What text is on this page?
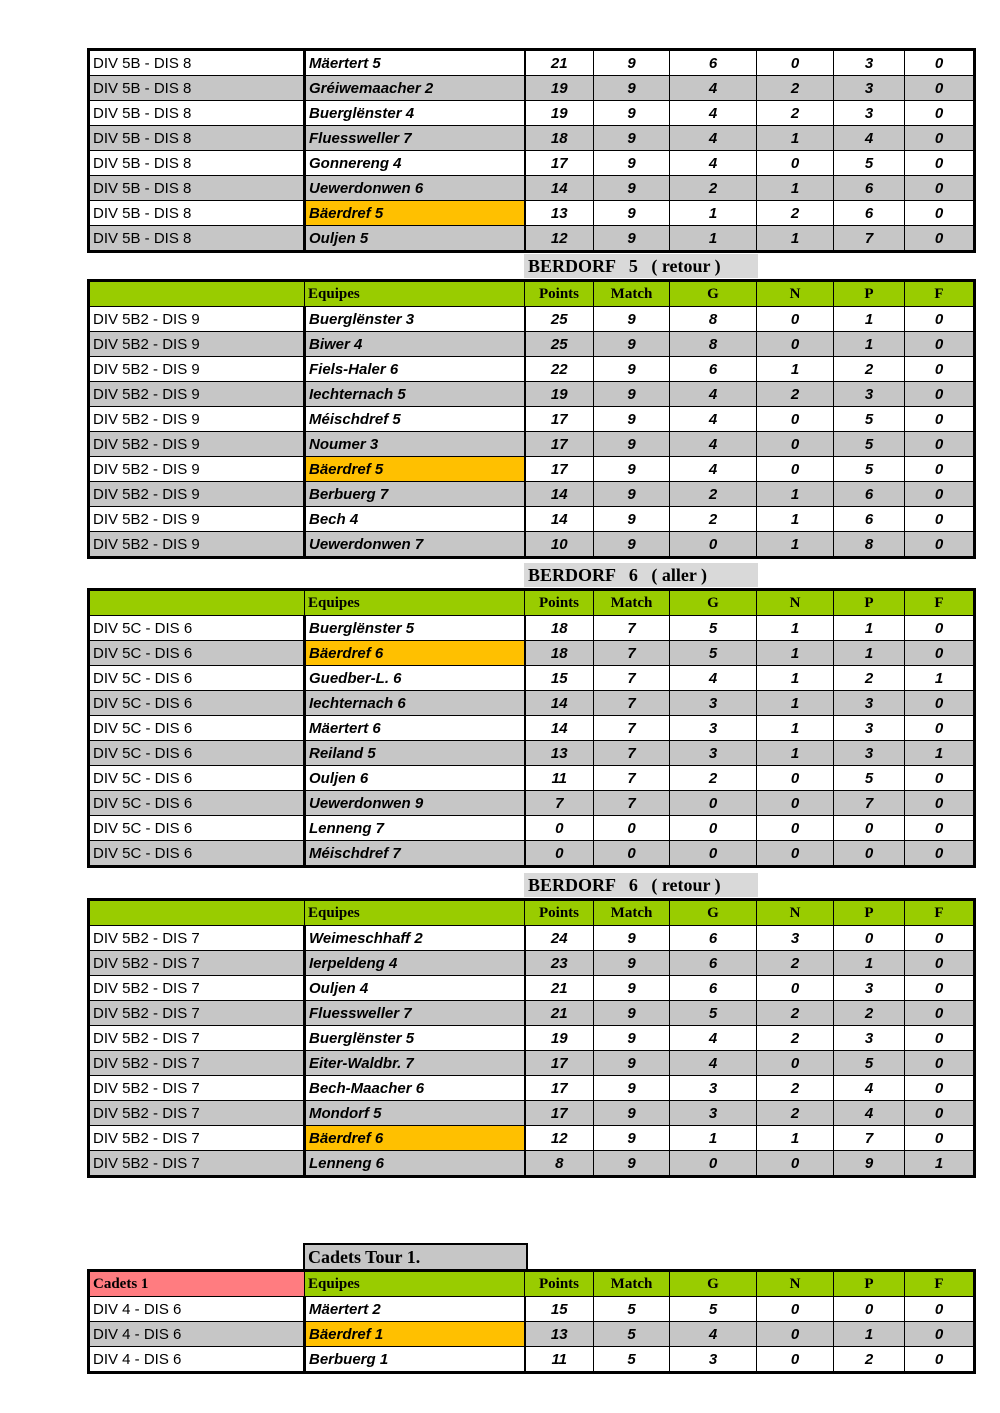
DIV 5B - DIS 8	Mäertert 5	21	9	6	0	3	0
DIV 5B - DIS 8	Gréiwemaacher 2	19	9	4	2	3	0
DIV 5B - DIS 8	Buerglënster 4	19	9	4	2	3	0
DIV 5B - DIS 8	Fluessweller 7	18	9	4	1	4	0
DIV 5B - DIS 8	Gonnereng 4	17	9	4	0	5	0
DIV 5B - DIS 8	Uewerdonwen 6	14	9	2	1	6	0
DIV 5B - DIS 8	Bäerdref 5	13	9	1	2	6	0
DIV 5B - DIS 8	Ouljen 5	12	9	1	1	7	0
BERDORF   5   ( retour )
	Equipes	Points	Match	G	N	P	F
DIV 5B2 - DIS 9	Buerglënster 3	25	9	8	0	1	0
DIV 5B2 - DIS 9	Biwer 4	25	9	8	0	1	0
DIV 5B2 - DIS 9	Fiels-Haler 6	22	9	6	1	2	0
DIV 5B2 - DIS 9	Iechternach 5	19	9	4	2	3	0
DIV 5B2 - DIS 9	Méischdref 5	17	9	4	0	5	0
DIV 5B2 - DIS 9	Noumer 3	17	9	4	0	5	0
DIV 5B2 - DIS 9	Bäerdref 5	17	9	4	0	5	0
DIV 5B2 - DIS 9	Berbuerg 7	14	9	2	1	6	0
DIV 5B2 - DIS 9	Bech 4	14	9	2	1	6	0
DIV 5B2 - DIS 9	Uewerdonwen 7	10	9	0	1	8	0
BERDORF   6   ( aller )
	Equipes	Points	Match	G	N	P	F
DIV 5C - DIS 6	Buerglënster 5	18	7	5	1	1	0
DIV 5C - DIS 6	Bäerdref 6	18	7	5	1	1	0
DIV 5C - DIS 6	Guedber-L. 6	15	7	4	1	2	1
DIV 5C - DIS 6	Iechternach 6	14	7	3	1	3	0
DIV 5C - DIS 6	Mäertert 6	14	7	3	1	3	0
DIV 5C - DIS 6	Reiland 5	13	7	3	1	3	1
DIV 5C - DIS 6	Ouljen 6	11	7	2	0	5	0
DIV 5C - DIS 6	Uewerdonwen 9	7	7	0	0	7	0
DIV 5C - DIS 6	Lenneng 7	0	0	0	0	0	0
DIV 5C - DIS 6	Méischdref 7	0	0	0	0	0	0
BERDORF   6   ( retour )
	Equipes	Points	Match	G	N	P	F
DIV 5B2 - DIS 7	Weimeschhaff 2	24	9	6	3	0	0
DIV 5B2 - DIS 7	Ierpeldeng 4	23	9	6	2	1	0
DIV 5B2 - DIS 7	Ouljen 4	21	9	6	0	3	0
DIV 5B2 - DIS 7	Fluessweller 7	21	9	5	2	2	0
DIV 5B2 - DIS 7	Buerglënster 5	19	9	4	2	3	0
DIV 5B2 - DIS 7	Eiter-Waldbr. 7	17	9	4	0	5	0
DIV 5B2 - DIS 7	Bech-Maacher 6	17	9	3	2	4	0
DIV 5B2 - DIS 7	Mondorf 5	17	9	3	2	4	0
DIV 5B2 - DIS 7	Bäerdref 6	12	9	1	1	7	0
DIV 5B2 - DIS 7	Lenneng 6	8	9	0	0	9	1
Cadets Tour 1.
Cadets 1	Equipes	Points	Match	G	N	P	F
DIV 4 - DIS 6	Mäertert 2	15	5	5	0	0	0
DIV 4 - DIS 6	Bäerdref 1	13	5	4	0	1	0
DIV 4 - DIS 6	Berbuerg 1	11	5	3	0	2	0
